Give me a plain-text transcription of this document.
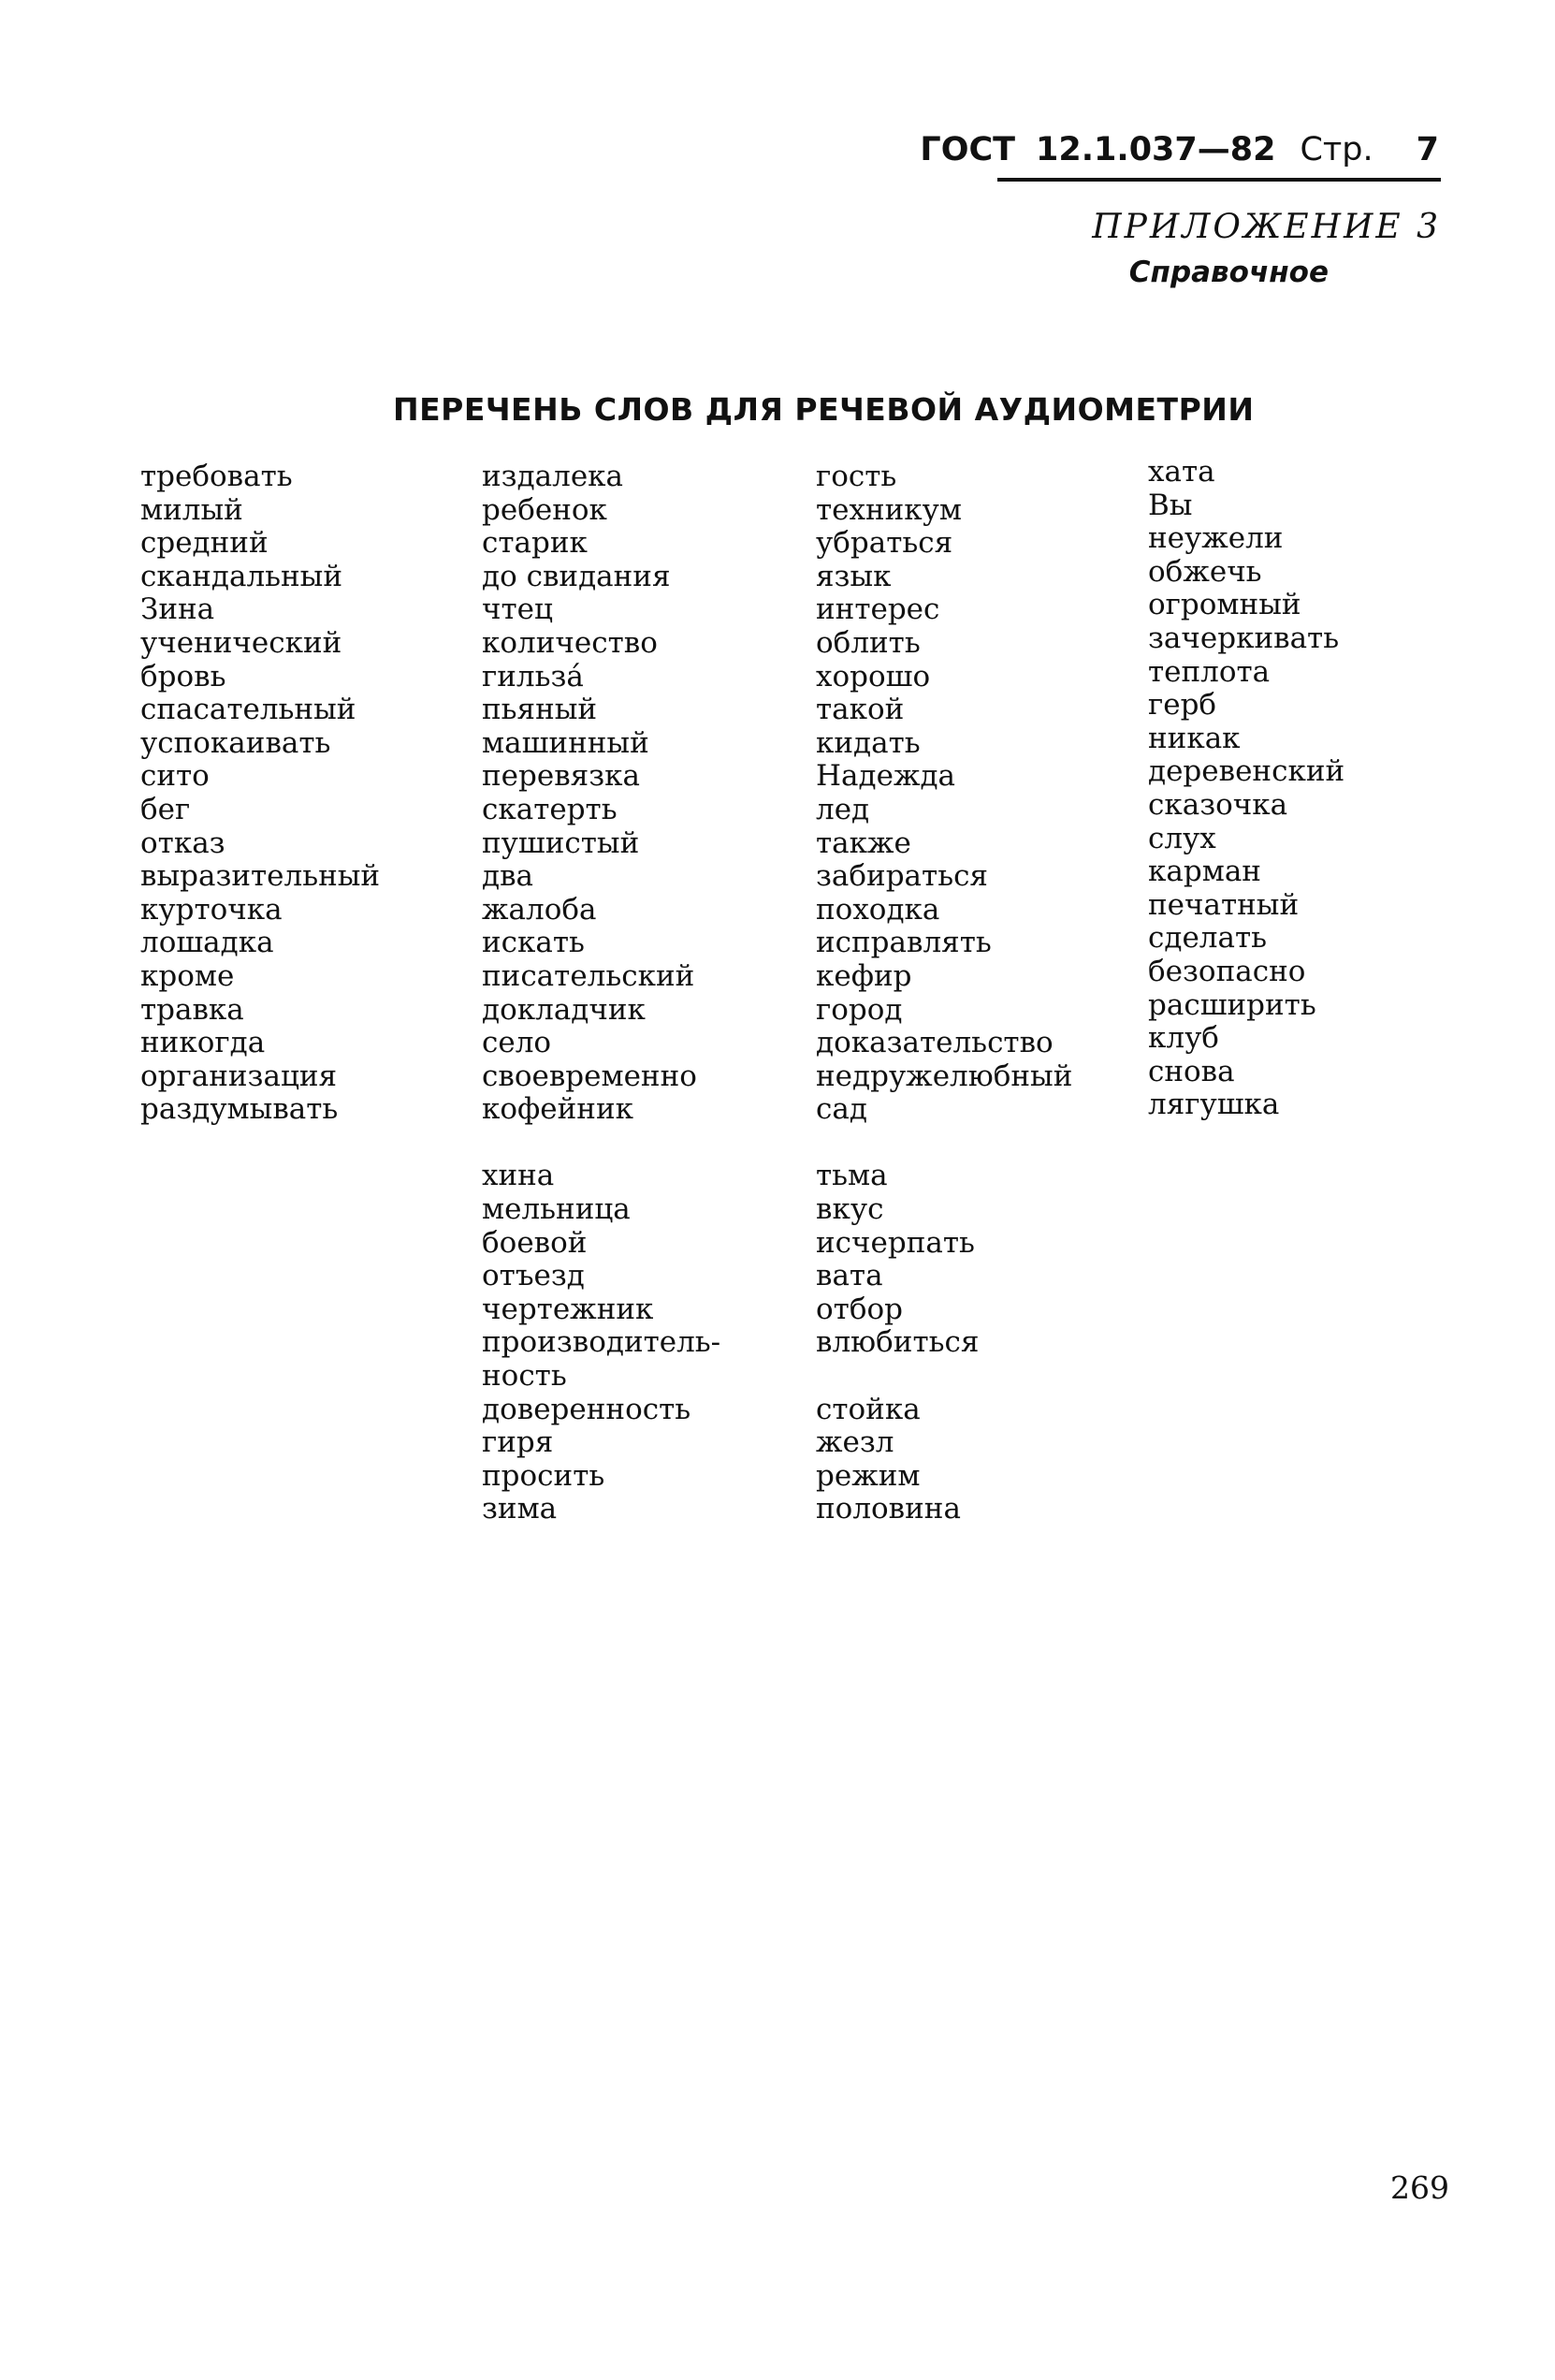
ГОСТ 12.1.037—82 Стр. 7
ПРИЛОЖЕНИЕ 3
Справочное
ПЕРЕЧЕНЬ СЛОВ ДЛЯ РЕЧЕВОЙ АУДИОМЕТРИИ
требовать
милый
средний
скандальный
Зина
ученический
бровь
спасательный
успокаивать
сито
бег
отказ
выразительный
курточка
лошадка
кроме
травка
никогда
организация
раздумывать
издалека
ребенок
старик
до свидания
чтец
количество
гильза́
пьяный
машинный
перевязка
скатерть
пушистый
два
жалоба
искать
писательский
докладчик
село
своевременно
кофейник
хина
мельница
боевой
отъезд
чертежник
производитель-
ность
доверенность
гиря
просить
зима
гость
техникум
убраться
язык
интерес
облить
хорошо
такой
кидать
Надежда
лед
также
забираться
походка
исправлять
кефир
город
доказательство
недружелюбный
сад
тьма
вкус
исчерпать
вата
отбор
влюбиться
стойка
жезл
режим
половина
хата
Вы
неужели
обжечь
огромный
зачеркивать
теплота
герб
никак
деревенский
сказочка
слух
карман
печатный
сделать
безопасно
расширить
клуб
снова
лягушка
269
